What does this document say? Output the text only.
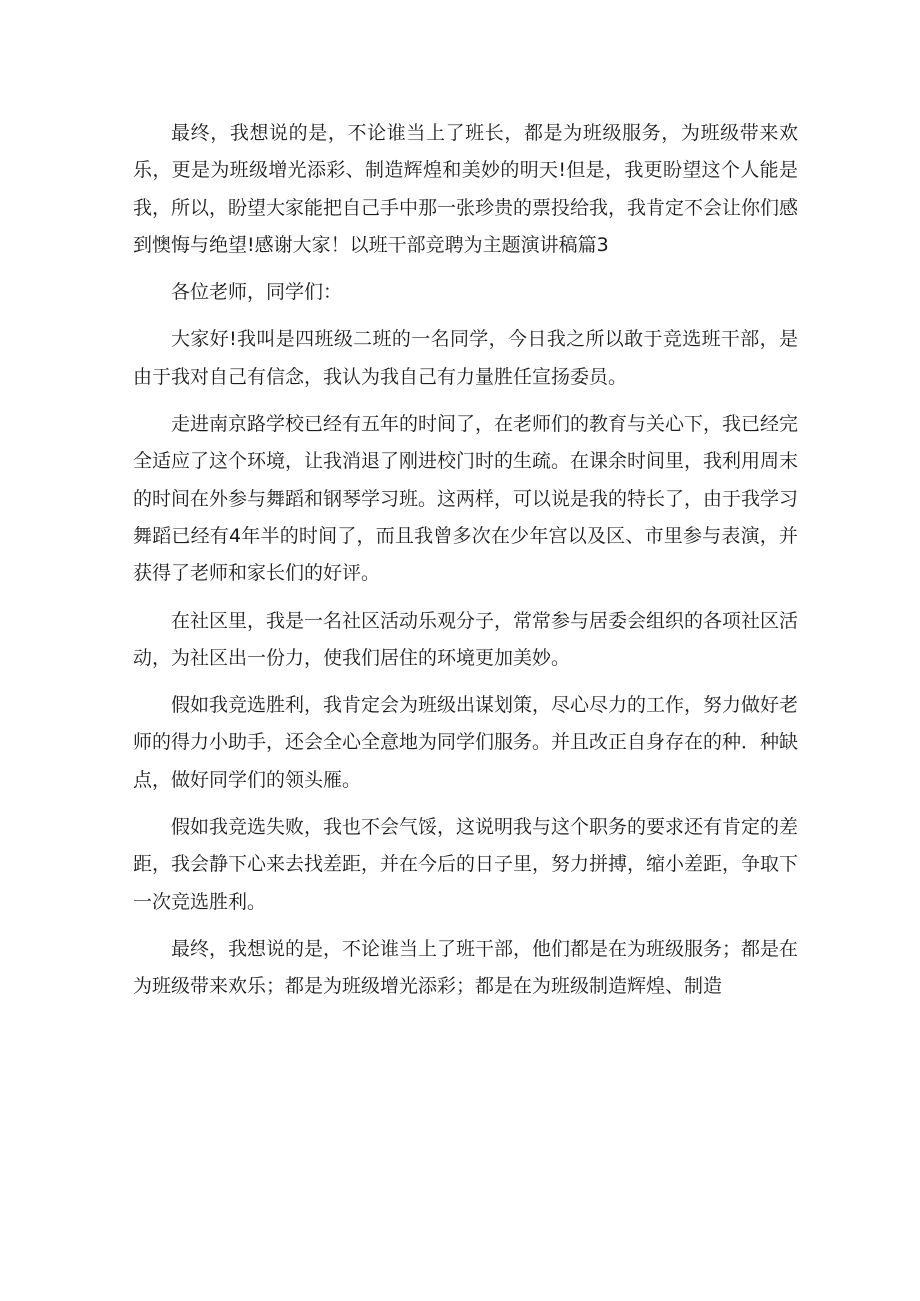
最终，我想说的是，不论谁当上了班长，都是为班级服务，为班级带来欢乐，更是为班级增光添彩、制造辉煌和美妙的明天!但是，我更盼望这个人能是我，所以，盼望大家能把自己手中那一张珍贵的票投给我，我肯定不会让你们感到懊悔与绝望!感谢大家！以班干部竞聘为主题演讲稿篇3

各位老师，同学们：

大家好!我叫是四班级二班的一名同学，今日我之所以敢于竞选班干部，是由于我对自己有信念，我认为我自己有力量胜任宣扬委员。

走进南京路学校已经有五年的时间了，在老师们的教育与关心下，我已经完全适应了这个环境，让我消退了刚进校门时的生疏。在课余时间里，我利用周末的时间在外参与舞蹈和钢琴学习班。这两样，可以说是我的特长了，由于我学习舞蹈已经有4年半的时间了，而且我曾多次在少年宫以及区、市里参与表演，并获得了老师和家长们的好评。

在社区里，我是一名社区活动乐观分子，常常参与居委会组织的各项社区活动，为社区出一份力，使我们居住的环境更加美妙。

假如我竞选胜利，我肯定会为班级出谋划策，尽心尽力的工作，努力做好老师的得力小助手，还会全心全意地为同学们服务。并且改正自身存在的种．种缺点，做好同学们的领头雁。

假如我竞选失败，我也不会气馁，这说明我与这个职务的要求还有肯定的差距，我会静下心来去找差距，并在今后的日子里，努力拼搏，缩小差距，争取下一次竞选胜利。

最终，我想说的是，不论谁当上了班干部，他们都是在为班级服务；都是在为班级带来欢乐；都是为班级增光添彩；都是在为班级制造辉煌、制造
